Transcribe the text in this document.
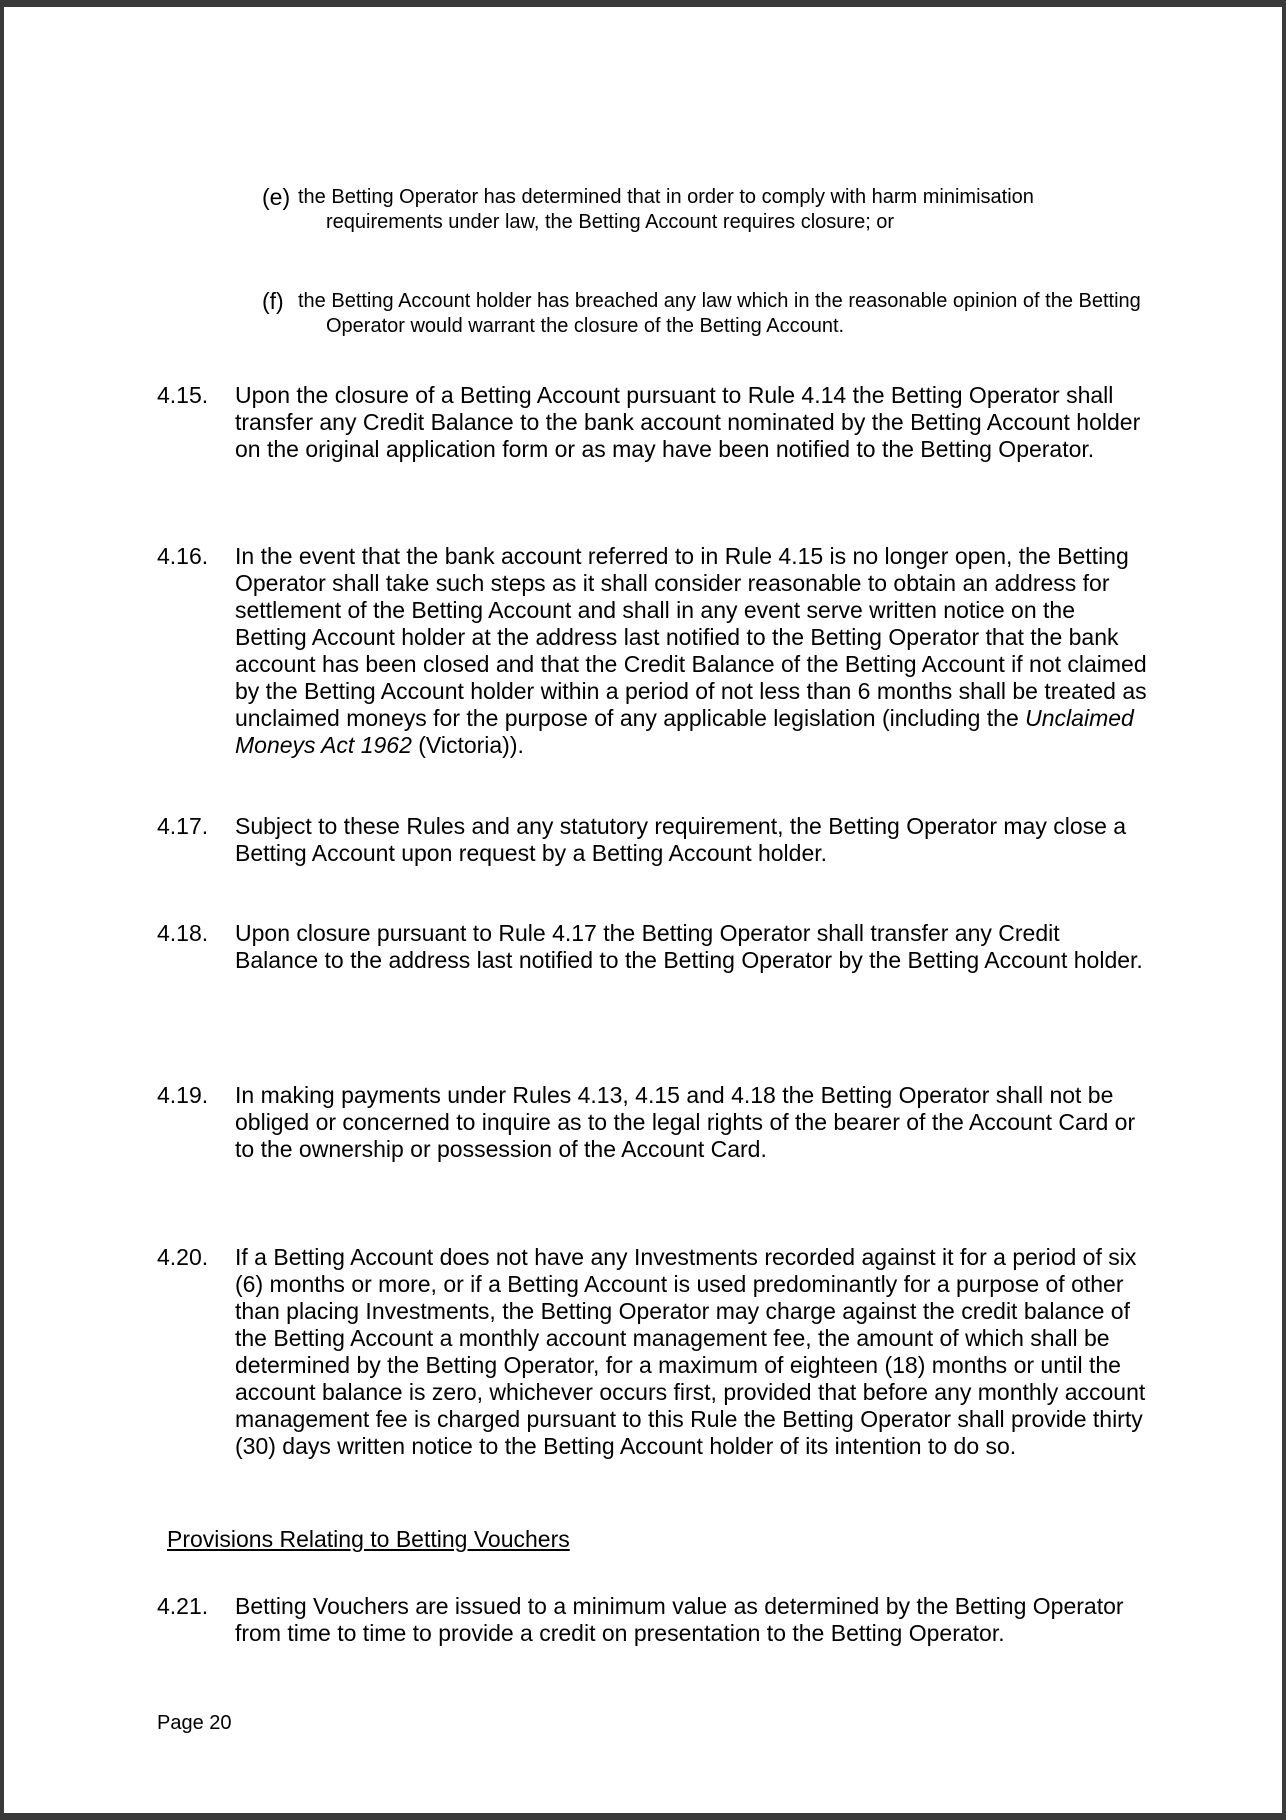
(e) the Betting Operator has determined that in order to comply with harm minimisation requirements under law, the Betting Account requires closure; or
(f) the Betting Account holder has breached any law which in the reasonable opinion of the Betting Operator would warrant the closure of the Betting Account.
4.15. Upon the closure of a Betting Account pursuant to Rule 4.14 the Betting Operator shall transfer any Credit Balance to the bank account nominated by the Betting Account holder on the original application form or as may have been notified to the Betting Operator.
4.16. In the event that the bank account referred to in Rule 4.15 is no longer open, the Betting Operator shall take such steps as it shall consider reasonable to obtain an address for settlement of the Betting Account and shall in any event serve written notice on the Betting Account holder at the address last notified to the Betting Operator that the bank account has been closed and that the Credit Balance of the Betting Account if not claimed by the Betting Account holder within a period of not less than 6 months shall be treated as unclaimed moneys for the purpose of any applicable legislation (including the Unclaimed Moneys Act 1962 (Victoria)).
4.17. Subject to these Rules and any statutory requirement, the Betting Operator may close a Betting Account upon request by a Betting Account holder.
4.18. Upon closure pursuant to Rule 4.17 the Betting Operator shall transfer any Credit Balance to the address last notified to the Betting Operator by the Betting Account holder.
4.19. In making payments under Rules 4.13, 4.15 and 4.18 the Betting Operator shall not be obliged or concerned to inquire as to the legal rights of the bearer of the Account Card or to the ownership or possession of the Account Card.
4.20. If a Betting Account does not have any Investments recorded against it for a period of six (6) months or more, or if a Betting Account is used predominantly for a purpose of other than placing Investments, the Betting Operator may charge against the credit balance of the Betting Account a monthly account management fee, the amount of which shall be determined by the Betting Operator, for a maximum of eighteen (18) months or until the account balance is zero, whichever occurs first, provided that before any monthly account management fee is charged pursuant to this Rule the Betting Operator shall provide thirty (30) days written notice to the Betting Account holder of its intention to do so.
Provisions Relating to Betting Vouchers
4.21. Betting Vouchers are issued to a minimum value as determined by the Betting Operator from time to time to provide a credit on presentation to the Betting Operator.
Page 20
